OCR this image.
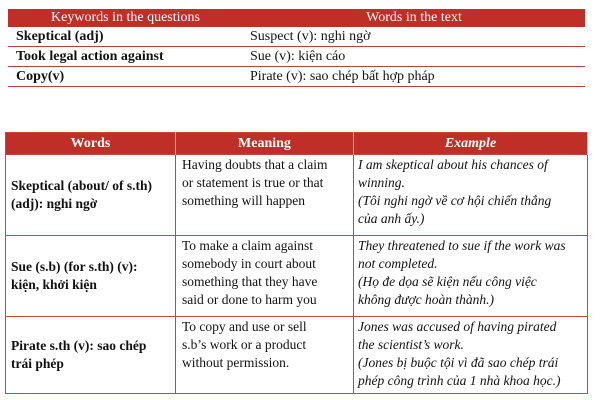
Keywords in the questions	Words in the text
Skeptical (adj)	Suspect (v): nghi ngờ
Took legal action against	Sue (v): kiện cáo
Copy(v)	Pirate (v): sao chép bất hợp pháp
Words	Meaning	Example

Skeptical (about/ of s.th)
(adj): nghi ngờ	Having doubts that a claim
or statement is true or that
something will happen	I am skeptical about his chances of
winning.
(Tôi nghi ngờ về cơ hội chiến thắng
của anh ấy.)

Sue (s.b) (for s.th) (v):
kiện, khởi kiện	To make a claim against
somebody in court about
something that they have
said or done to harm you	They threatened to sue if the work was
not completed.
(Họ đe dọa sẽ kiện nếu công việc
không được hoàn thành.)

Pirate s.th (v): sao chép
trái phép	To copy and use or sell
s.b’s work or a product
without permission.	Jones was accused of having pirated
the scientist’s work.
(Jones bị buộc tội vì đã sao chép trái
phép công trình của 1 nhà khoa học.)
